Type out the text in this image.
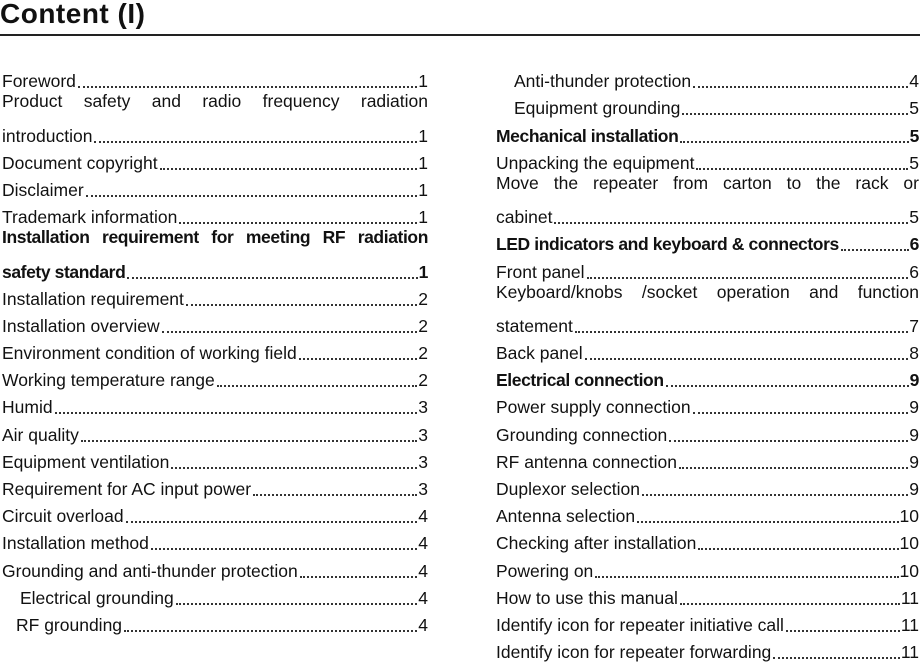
Content (I)
Foreword	1
Product safety and radio frequency radiation
introduction	1
Document copyright	1
Disclaimer	1
Trademark information	1
Installation requirement for meeting RF radiation
safety standard	1
Installation requirement	2
Installation overview	2
Environment condition of working field	2
Working temperature range	2
Humid	3
Air quality	3
Equipment ventilation	3
Requirement for AC input power	3
Circuit overload	4
Installation method	4
Grounding and anti-thunder protection	4
Electrical grounding	4
RF grounding	4
Anti-thunder protection	4
Equipment grounding	5
Mechanical installation	5
Unpacking the equipment	5
Move the repeater from carton to the rack or
cabinet	5
LED indicators and keyboard & connectors	6
Front panel	6
Keyboard/knobs /socket operation and function
statement	7
Back panel	8
Electrical connection	9
Power supply connection	9
Grounding connection	9
RF antenna connection	9
Duplexor selection	9
Antenna selection	10
Checking after installation	10
Powering on	10
How to use this manual	11
Identify icon for repeater initiative call	11
Identify icon for repeater forwarding	11
